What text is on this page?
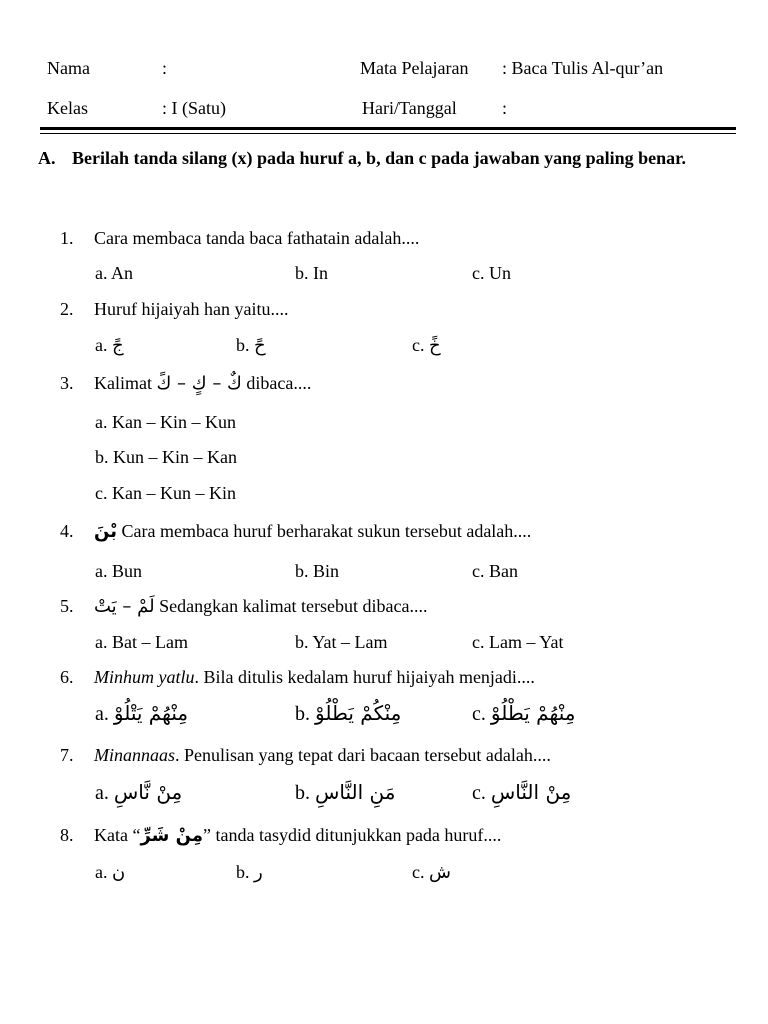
Nama	:	Mata Pelajaran : Baca Tulis Al-qur’an
Kelas	: I (Satu)	Hari/Tanggal	:
A. Berilah tanda silang (x) pada huruf a, b, dan c pada jawaban yang paling benar.
1. Cara membaca tanda baca fathatain adalah....
a. An	b. In	c. Un
2. Huruf hijaiyah han yaitu....
a. جً	b. حً	c. خً
3. Kalimat كٌ – كٍ – كً dibaca....
a. Kan – Kin – Kun
b. Kun – Kin – Kan
c. Kan – Kun – Kin
4. بْنَ Cara membaca huruf berharakat sukun tersebut adalah....
a. Bun	b. Bin	c. Ban
5. لَمْ – يَتْ Sedangkan kalimat tersebut dibaca....
a. Bat – Lam	b. Yat – Lam	c. Lam – Yat
6. Minhum yatlu. Bila ditulis kedalam huruf hijaiyah menjadi....
a. مِنْهُمْ يَتْلُوْ	b. مِنْكُمْ يَطْلُوْ	c. مِنْهُمْ يَطْلُوْ
7. Minannaas. Penulisan yang tepat dari bacaan tersebut adalah....
a. مِنْ نَّاسِ	b. مَنِ النَّاسِ	c. مِنْ النَّاسِ
8. Kata “مِنْ شَرِّ” tanda tasydid ditunjukkan pada huruf....
a. ن	b. ر	c. ش
